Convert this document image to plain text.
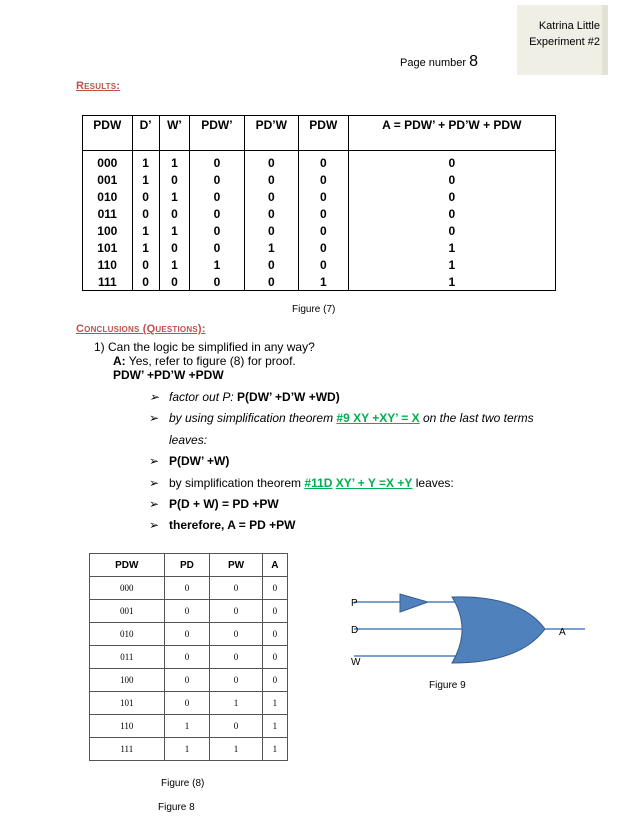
Katrina Little
Experiment #2
Page number 8
Results:
PDW	D’	W’	PDW’	PD’W	PDW	A = PDW’ + PD’W + PDW
000	1	1	0	0	0	0
001	1	0	0	0	0	0
010	0	1	0	0	0	0
011	0	0	0	0	0	0
100	1	1	0	0	0	0
101	1	0	0	1	0	1
110	0	1	1	0	0	1
111	0	0	0	0	1	1
Figure (7)
Conclusions (Questions):
1) Can the logic be simplified in any way?
A: Yes, refer to figure (8) for proof.
PDW’ +PD’W +PDW
➢ factor out P: P(DW’ +D’W +WD)
➢ by using simplification theorem #9 XY +XY’ = X on the last two terms
leaves:
➢ P(DW’ +W)
➢ by simplification theorem #11D XY’ + Y =X +Y leaves:
➢ P(D + W) = PD +PW
➢ therefore, A = PD +PW
PDW	PD	PW	A
000	0	0	0
001	0	0	0
010	0	0	0
011	0	0	0
100	0	0	0
101	0	1	1
110	1	0	1
111	1	1	1
Figure (8)
Figure 8
P
D
W
A
Figure 9
